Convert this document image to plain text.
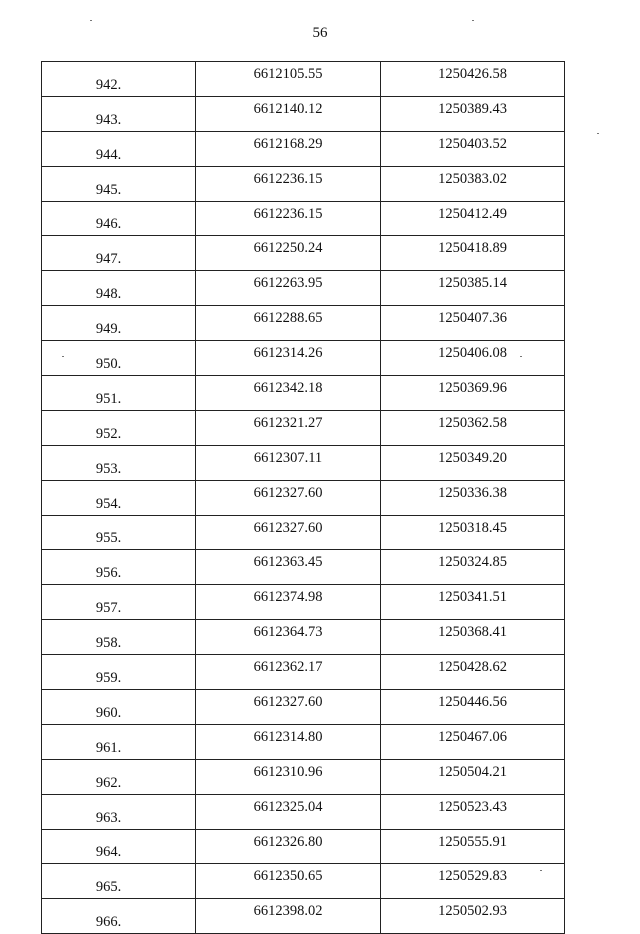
56
942.	6612105.55	1250426.58
943.	6612140.12	1250389.43
944.	6612168.29	1250403.52
945.	6612236.15	1250383.02
946.	6612236.15	1250412.49
947.	6612250.24	1250418.89
948.	6612263.95	1250385.14
949.	6612288.65	1250407.36
950.	6612314.26	1250406.08
951.	6612342.18	1250369.96
952.	6612321.27	1250362.58
953.	6612307.11	1250349.20
954.	6612327.60	1250336.38
955.	6612327.60	1250318.45
956.	6612363.45	1250324.85
957.	6612374.98	1250341.51
958.	6612364.73	1250368.41
959.	6612362.17	1250428.62
960.	6612327.60	1250446.56
961.	6612314.80	1250467.06
962.	6612310.96	1250504.21
963.	6612325.04	1250523.43
964.	6612326.80	1250555.91
965.	6612350.65	1250529.83
966.	6612398.02	1250502.93
